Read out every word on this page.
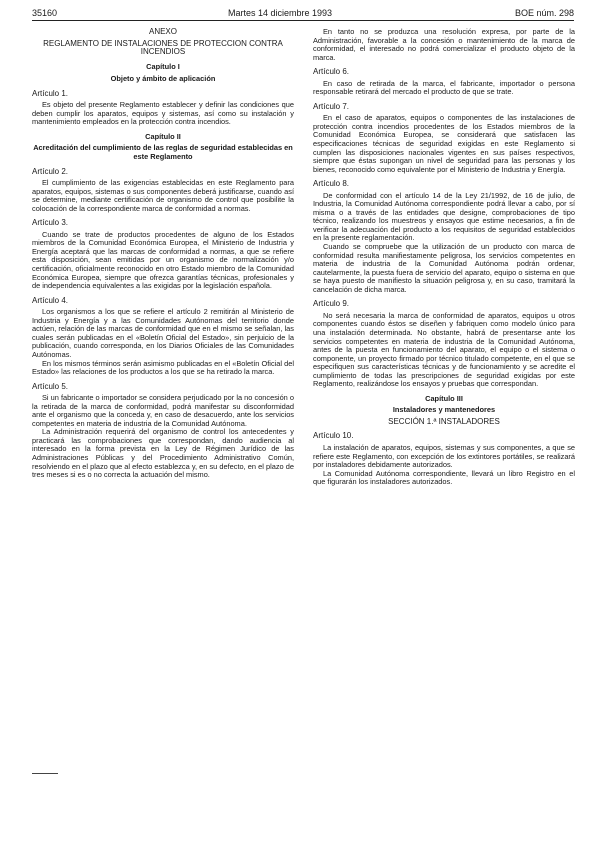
35160	Martes 14 diciembre 1993	BOE núm. 298
ANEXO
REGLAMENTO DE INSTALACIONES DE PROTECCION CONTRA INCENDIOS
Capítulo I
Objeto y ámbito de aplicación
Artículo 1.

Es objeto del presente Reglamento establecer y definir las condiciones que deben cumplir los aparatos, equipos y sistemas, así como su instalación y mantenimiento empleados en la protección contra incendios.

Capítulo II
Acreditación del cumplimiento de las reglas de seguridad establecidas en este Reglamento
Artículo 2.

El cumplimiento de las exigencias establecidas en este Reglamento para aparatos, equipos, sistemas o sus componentes deberá justificarse, cuando así se determine, mediante certificación de organismo de control que posibilite la colocación de la correspondiente marca de conformidad a normas.

Artículo 3.

Cuando se trate de productos procedentes de alguno de los Estados miembros de la Comunidad Económica Europea, el Ministerio de Industria y Energía aceptará que las marcas de conformidad a normas, a que se refiere esta disposición, sean emitidas por un organismo de normalización y/o certificación, oficialmente reconocido en otro Estado miembro de la Comunidad Económica Europea, siempre que ofrezca garantías técnicas, profesionales y de independencia equivalentes a las exigidas por la legislación española.

Artículo 4.

Los organismos a los que se refiere el artículo 2 remitirán al Ministerio de Industria y Energía y a las Comunidades Autónomas del territorio donde actúen, relación de las marcas de conformidad que en el mismo se señalan, las cuales serán publicadas en el «Boletín Oficial del Estado», sin perjuicio de la publicación, cuando corresponda, en los Diarios Oficiales de las Comunidades Autónomas.

En los mismos términos serán asimismo publicadas en el «Boletín Oficial del Estado» las relaciones de los productos a los que se ha retirado la marca.

Artículo 5.

Si un fabricante o importador se considera perjudicado por la no concesión o la retirada de la marca de conformidad, podrá manifestar su disconformidad ante el organismo que la conceda y, en caso de desacuerdo, ante los servicios competentes en materia de industria de la Comunidad Autónoma.

La Administración requerirá del organismo de control los antecedentes y practicará las comprobaciones que correspondan, dando audiencia al interesado en la forma prevista en la Ley de Régimen Jurídico de las Administraciones Públicas y del Procedimiento Administrativo Común, resolviendo en el plazo que al efecto establezca y, en su defecto, en el plazo de tres meses si es o no correcta la actuación del mismo.

En tanto no se produzca una resolución expresa, por parte de la Administración, favorable a la concesión o mantenimiento de la marca de conformidad, el interesado no podrá comercializar el producto objeto de la marca.

Artículo 6.

En caso de retirada de la marca, el fabricante, importador o persona responsable retirará del mercado el producto de que se trate.

Artículo 7.

En el caso de aparatos, equipos o componentes de las instalaciones de protección contra incendios procedentes de los Estados miembros de la Comunidad Económica Europea, se considerará que satisfacen las especificaciones técnicas de seguridad exigidas en este Reglamento si cumplen las disposiciones nacionales vigentes en sus países respectivos, siempre que éstas supongan un nivel de seguridad para las personas y los bienes, reconocido como equivalente por el Ministerio de Industria y Energía.

Artículo 8.

De conformidad con el artículo 14 de la Ley 21/1992, de 16 de julio, de Industria, la Comunidad Autónoma correspondiente podrá llevar a cabo, por sí misma o a través de las entidades que designe, comprobaciones de tipo técnico, realizando los muestreos y ensayos que estime necesarios, a fin de verificar la adecuación del producto a los requisitos de seguridad establecidos en la presente reglamentación.

Cuando se compruebe que la utilización de un producto con marca de conformidad resulta manifiestamente peligrosa, los servicios competentes en materia de industria de la Comunidad Autónoma podrán ordenar, cautelarmente, la puesta fuera de servicio del aparato, equipo o sistema en que se haya puesto de manifiesto la situación peligrosa y, en su caso, tramitará la cancelación de dicha marca.

Artículo 9.

No será necesaria la marca de conformidad de aparatos, equipos u otros componentes cuando éstos se diseñen y fabriquen como modelo único para una instalación determinada. No obstante, habrá de presentarse ante los servicios competentes en materia de industria de la Comunidad Autónoma, antes de la puesta en funcionamiento del aparato, el equipo o el sistema o componente, un proyecto firmado por técnico titulado competente, en el que se especifiquen sus características técnicas y de funcionamiento y se acredite el cumplimiento de todas las prescripciones de seguridad exigidas por este Reglamento, realizándose los ensayos y pruebas que correspondan.

Capítulo III
Instaladores y mantenedores
SECCIÓN 1.ª INSTALADORES
Artículo 10.

La instalación de aparatos, equipos, sistemas y sus componentes, a que se refiere este Reglamento, con excepción de los extintores portátiles, se realizará por instaladores debidamente autorizados.

La Comunidad Autónoma correspondiente, llevará un libro Registro en el que figurarán los instaladores autorizados.
